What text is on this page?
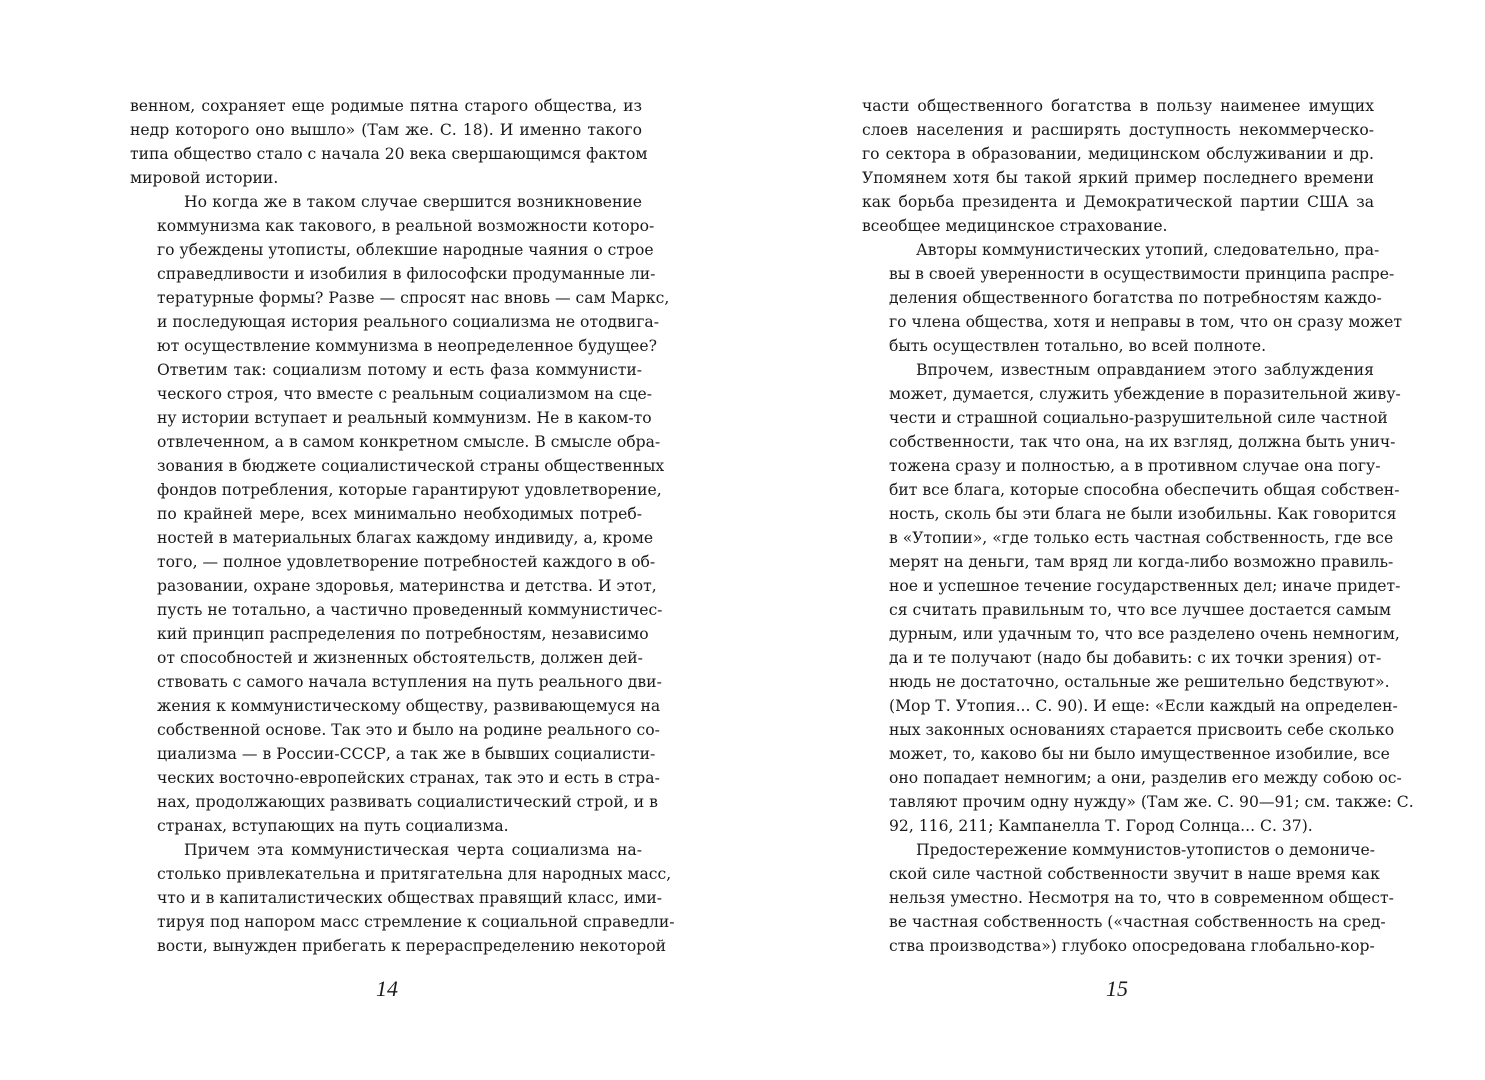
венном, сохраняет еще родимые пятна старого общества, из
недр которого оно вышло» (Там же. С. 18). И именно такого
типа общество стало с начала 20 века свершающимся фактом
мировой истории.

Но когда же в таком случае свершится возникновение
коммунизма как такового, в реальной возможности которо-
го убеждены утописты, облекшие народные чаяния о строе
справедливости и изобилия в философски продуманные ли-
тературные формы? Разве — спросят нас вновь — сам Маркс,
и последующая история реального социализма не отодвига-
ют осуществление коммунизма в неопределенное будущее?
Ответим так: социализм потому и есть фаза коммунисти-
ческого строя, что вместе с реальным социализмом на сце-
ну истории вступает и реальный коммунизм. Не в каком-то
отвлеченном, а в самом конкретном смысле. В смысле обра-
зования в бюджете социалистической страны общественных
фондов потребления, которые гарантируют удовлетворение,
по крайней мере, всех минимально необходимых потреб-
ностей в материальных благах каждому индивиду, а, кроме
того, — полное удовлетворение потребностей каждого в об-
разовании, охране здоровья, материнства и детства. И этот,
пусть не тотально, а частично проведенный коммунистичес-
кий принцип распределения по потребностям, независимо
от способностей и жизненных обстоятельств, должен дей-
ствовать с самого начала вступления на путь реального дви-
жения к коммунистическому обществу, развивающемуся на
собственной основе. Так это и было на родине реального со-
циализма — в России-СССР, а так же в бывших социалисти-
ческих восточно-европейских странах, так это и есть в стра-
нах, продолжающих развивать социалистический строй, и в
странах, вступающих на путь социализма.

Причем эта коммунистическая черта социализма на-
столько привлекательна и притягательна для народных масс,
что и в капиталистических обществах правящий класс, ими-
тируя под напором масс стремление к социальной справедли-
вости, вынужден прибегать к перераспределению некоторой

14

части общественного богатства в пользу наименее имущих
слоев населения и расширять доступность некоммерческо-
го сектора в образовании, медицинском обслуживании и др.
Упомянем хотя бы такой яркий пример последнего времени
как борьба президента и Демократической партии США за
всеобщее медицинское страхование.

Авторы коммунистических утопий, следовательно, пра-
вы в своей уверенности в осуществимости принципа распре-
деления общественного богатства по потребностям каждо-
го члена общества, хотя и неправы в том, что он сразу может
быть осуществлен тотально, во всей полноте.

Впрочем, известным оправданием этого заблуждения
может, думается, служить убеждение в поразительной живу-
чести и страшной социально-разрушительной силе частной
собственности, так что она, на их взгляд, должна быть унич-
тожена сразу и полностью, а в противном случае она погу-
бит все блага, которые способна обеспечить общая собствен-
ность, сколь бы эти блага не были изобильны. Как говорится
в «Утопии», «где только есть частная собственность, где все
мерят на деньги, там вряд ли когда-либо возможно правиль-
ное и успешное течение государственных дел; иначе придет-
ся считать правильным то, что все лучшее достается самым
дурным, или удачным то, что все разделено очень немногим,
да и те получают (надо бы добавить: с их точки зрения) от-
нюдь не достаточно, остальные же решительно бедствуют».
(Мор Т. Утопия... С. 90). И еще: «Если каждый на определен-
ных законных основаниях старается присвоить себе сколько
может, то, каково бы ни было имущественное изобилие, все
оно попадает немногим; а они, разделив его между собою ос-
тавляют прочим одну нужду» (Там же. С. 90—91; см. также: С.
92, 116, 211; Кампанелла Т. Город Солнца... С. 37).

Предостережение коммунистов-утопистов о демониче-
ской силе частной собственности звучит в наше время как
нельзя уместно. Несмотря на то, что в современном общест-
ве частная собственность («частная собственность на сред-
ства производства») глубоко опосредована глобально-кор-

15
